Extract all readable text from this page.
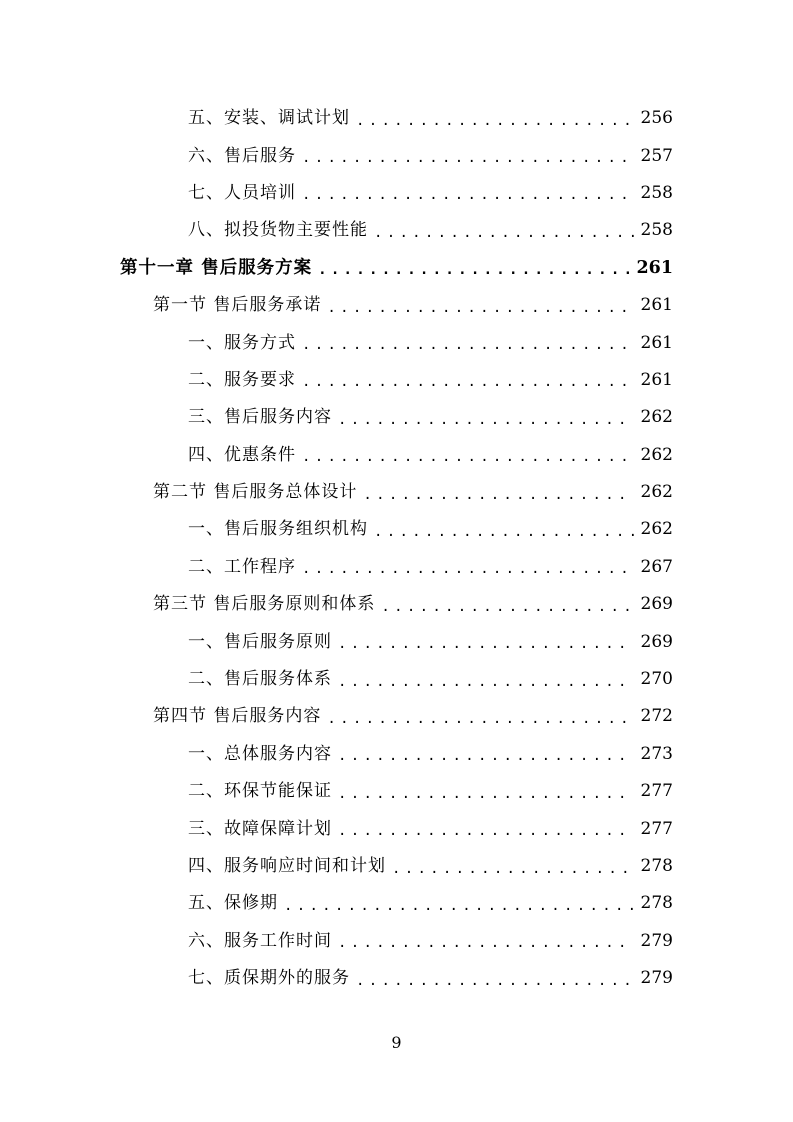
五、安装、调试计划 .....	256
六、售后服务 .....	257
七、人员培训 .....	258
八、拟投货物主要性能 .....	258
第十一章 售后服务方案 .....	261
第一节 售后服务承诺 .....	261
一、服务方式 .....	261
二、服务要求 .....	261
三、售后服务内容 .....	262
四、优惠条件 .....	262
第二节 售后服务总体设计 .....	262
一、售后服务组织机构 .....	262
二、工作程序 .....	267
第三节 售后服务原则和体系 .....	269
一、售后服务原则 .....	269
二、售后服务体系 .....	270
第四节 售后服务内容 .....	272
一、总体服务内容 .....	273
二、环保节能保证 .....	277
三、故障保障计划 .....	277
四、服务响应时间和计划 .....	278
五、保修期 .....	278
六、服务工作时间 .....	279
七、质保期外的服务 .....	279
9
